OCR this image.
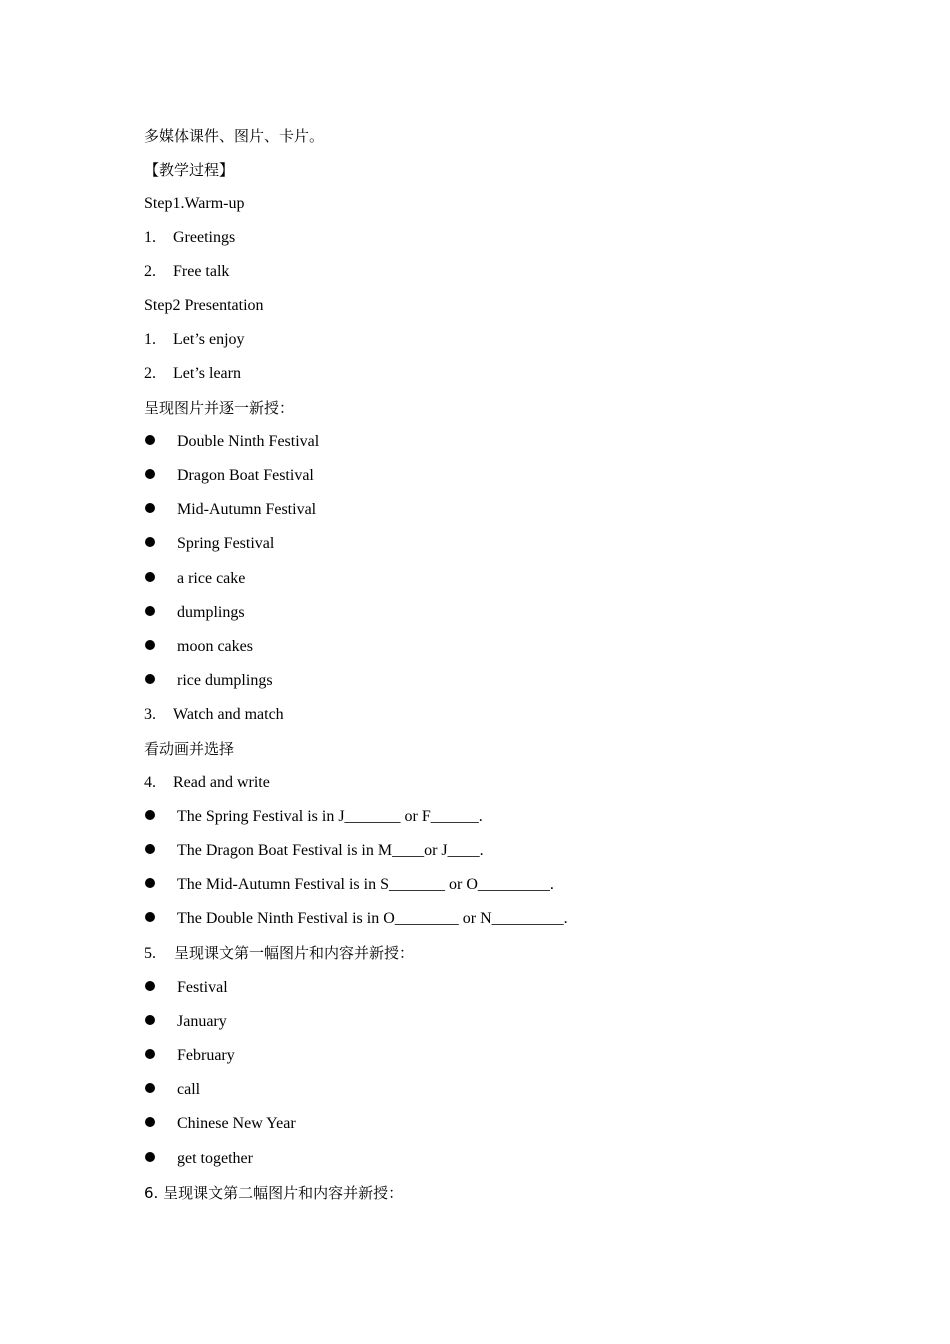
多媒体课件、图片、卡片。
【教学过程】
Step1.Warm-up
1. Greetings
2. Free talk
Step2 Presentation
1. Let’s enjoy
2. Let’s learn
呈现图片并逐一新授：
Double Ninth Festival
Dragon Boat Festival
Mid-Autumn Festival
Spring Festival
a rice cake
dumplings
moon cakes
rice dumplings
3. Watch and match
看动画并选择
4. Read and write
The Spring Festival is in J_______ or F______.
The Dragon Boat Festival is in M____or J____.
The Mid-Autumn Festival is in S_______ or O_________.
The Double Ninth Festival is in O________ or N_________.
5. 呈现课文第一幅图片和内容并新授：
Festival
January
February
call
Chinese New Year
get together
6. 呈现课文第二幅图片和内容并新授：
